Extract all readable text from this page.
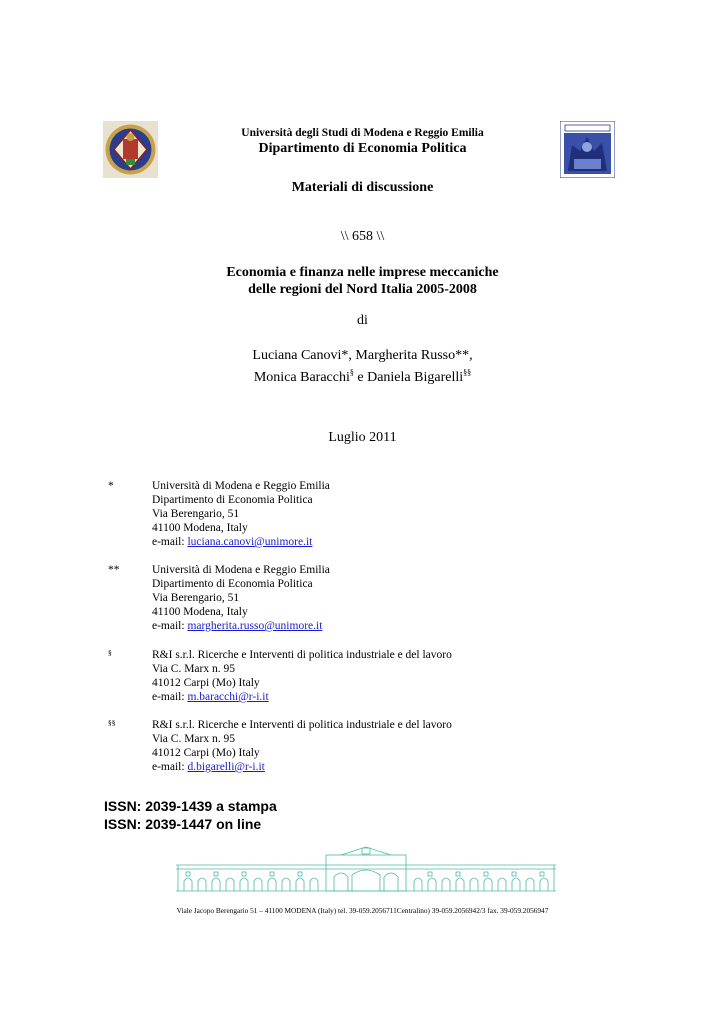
Università degli Studi di Modena e Reggio Emilia
Dipartimento di Economia Politica
Materiali di discussione
\\ 658 \\
Economia e finanza nelle imprese meccaniche
delle regioni del Nord Italia 2005-2008
di
Luciana Canovi*, Margherita Russo**,
Monica Baracchi§ e Daniela Bigarelli§§
Luglio 2011
*	Università di Modena e Reggio Emilia
Dipartimento di Economia Politica
Via Berengario, 51
41100 Modena, Italy
e-mail: luciana.canovi@unimore.it
**	Università di Modena e Reggio Emilia
Dipartimento di Economia Politica
Via Berengario, 51
41100 Modena, Italy
e-mail: margherita.russo@unimore.it
§	R&I s.r.l. Ricerche e Interventi di politica industriale e del lavoro
Via C. Marx n. 95
41012 Carpi (Mo) Italy
e-mail: m.baracchi@r-i.it
§§	R&I s.r.l. Ricerche e Interventi di politica industriale e del lavoro
Via C. Marx n. 95
41012 Carpi (Mo) Italy
e-mail: d.bigarelli@r-i.it
ISSN: 2039-1439 a stampa
ISSN: 2039-1447 on line
Viale Jacopo Berengario 51 – 41100 MODENA (Italy) tel. 39-059.2056711Centralino) 39-059.2056942/3 fax. 39-059.2056947
